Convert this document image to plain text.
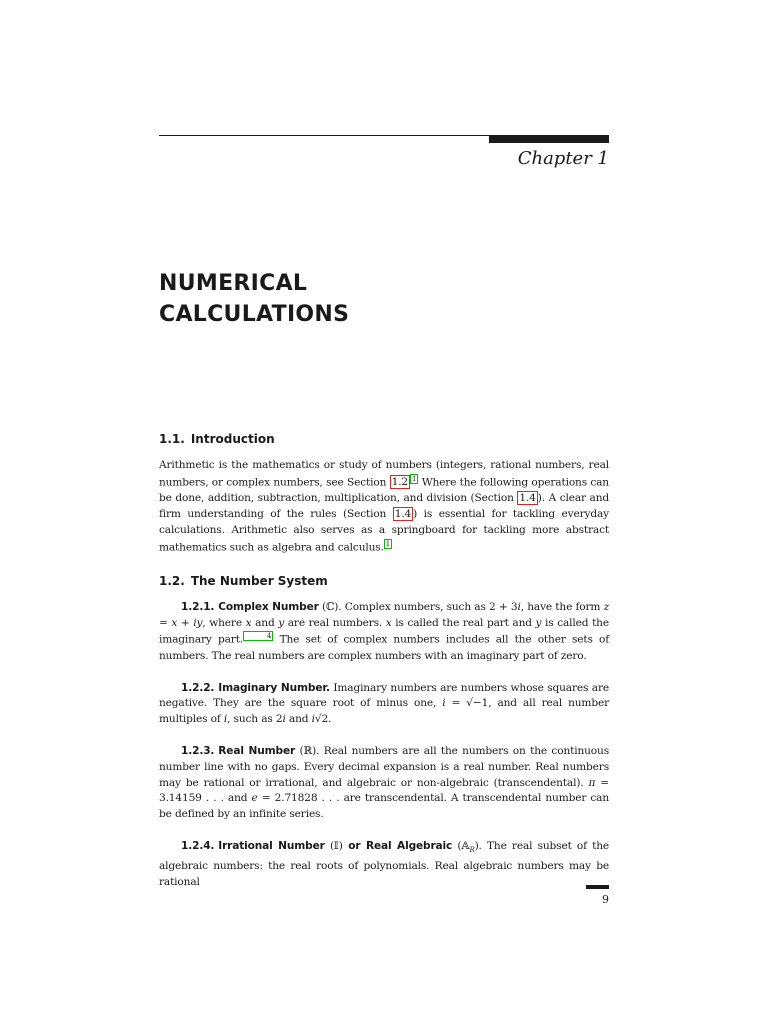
Chapter 1
NUMERICAL
CALCULATIONS
1.1. Introduction

Arithmetic is the mathematics or study of numbers (integers, rational numbers, real numbers, or complex numbers, see Section 1.2 1 Where the following operations can be done, addition, subtraction, multiplication, and division (Section 1.4 ). A clear and firm understanding of the rules (Section 1.4 ) is essential for tackling everyday calculations. Arithmetic also serves as a springboard for tackling more abstract mathematics such as algebra and calculus. 1

1.2. The Number System

1.2.1. Complex Number (ℂ). Complex numbers, such as 2 + 3i, have the form z = x + iy, where x and y are real numbers. x is called the real part and y is called the imaginary part.	4 The set of complex numbers includes all the other sets of numbers. The real numbers are complex numbers with an imaginary part of zero.

1.2.2. Imaginary Number. Imaginary numbers are numbers whose squares are negative. They are the square root of minus one, i = √−1, and all real number multiples of i, such as 2i and i√2.

1.2.3. Real Number (ℝ). Real numbers are all the numbers on the continuous number line with no gaps. Every decimal expansion is a real number. Real numbers may be rational or irrational, and algebraic or non-algebraic (transcendental). π = 3.14159 . . . and e = 2.71828 . . . are transcendental. A transcendental number can be defined by an infinite series.

1.2.4. Irrational Number (𝕀) or Real Algebraic (𝔸$_R$). The real subset of the algebraic numbers: the real roots of polynomials. Real algebraic numbers may be rational

9
